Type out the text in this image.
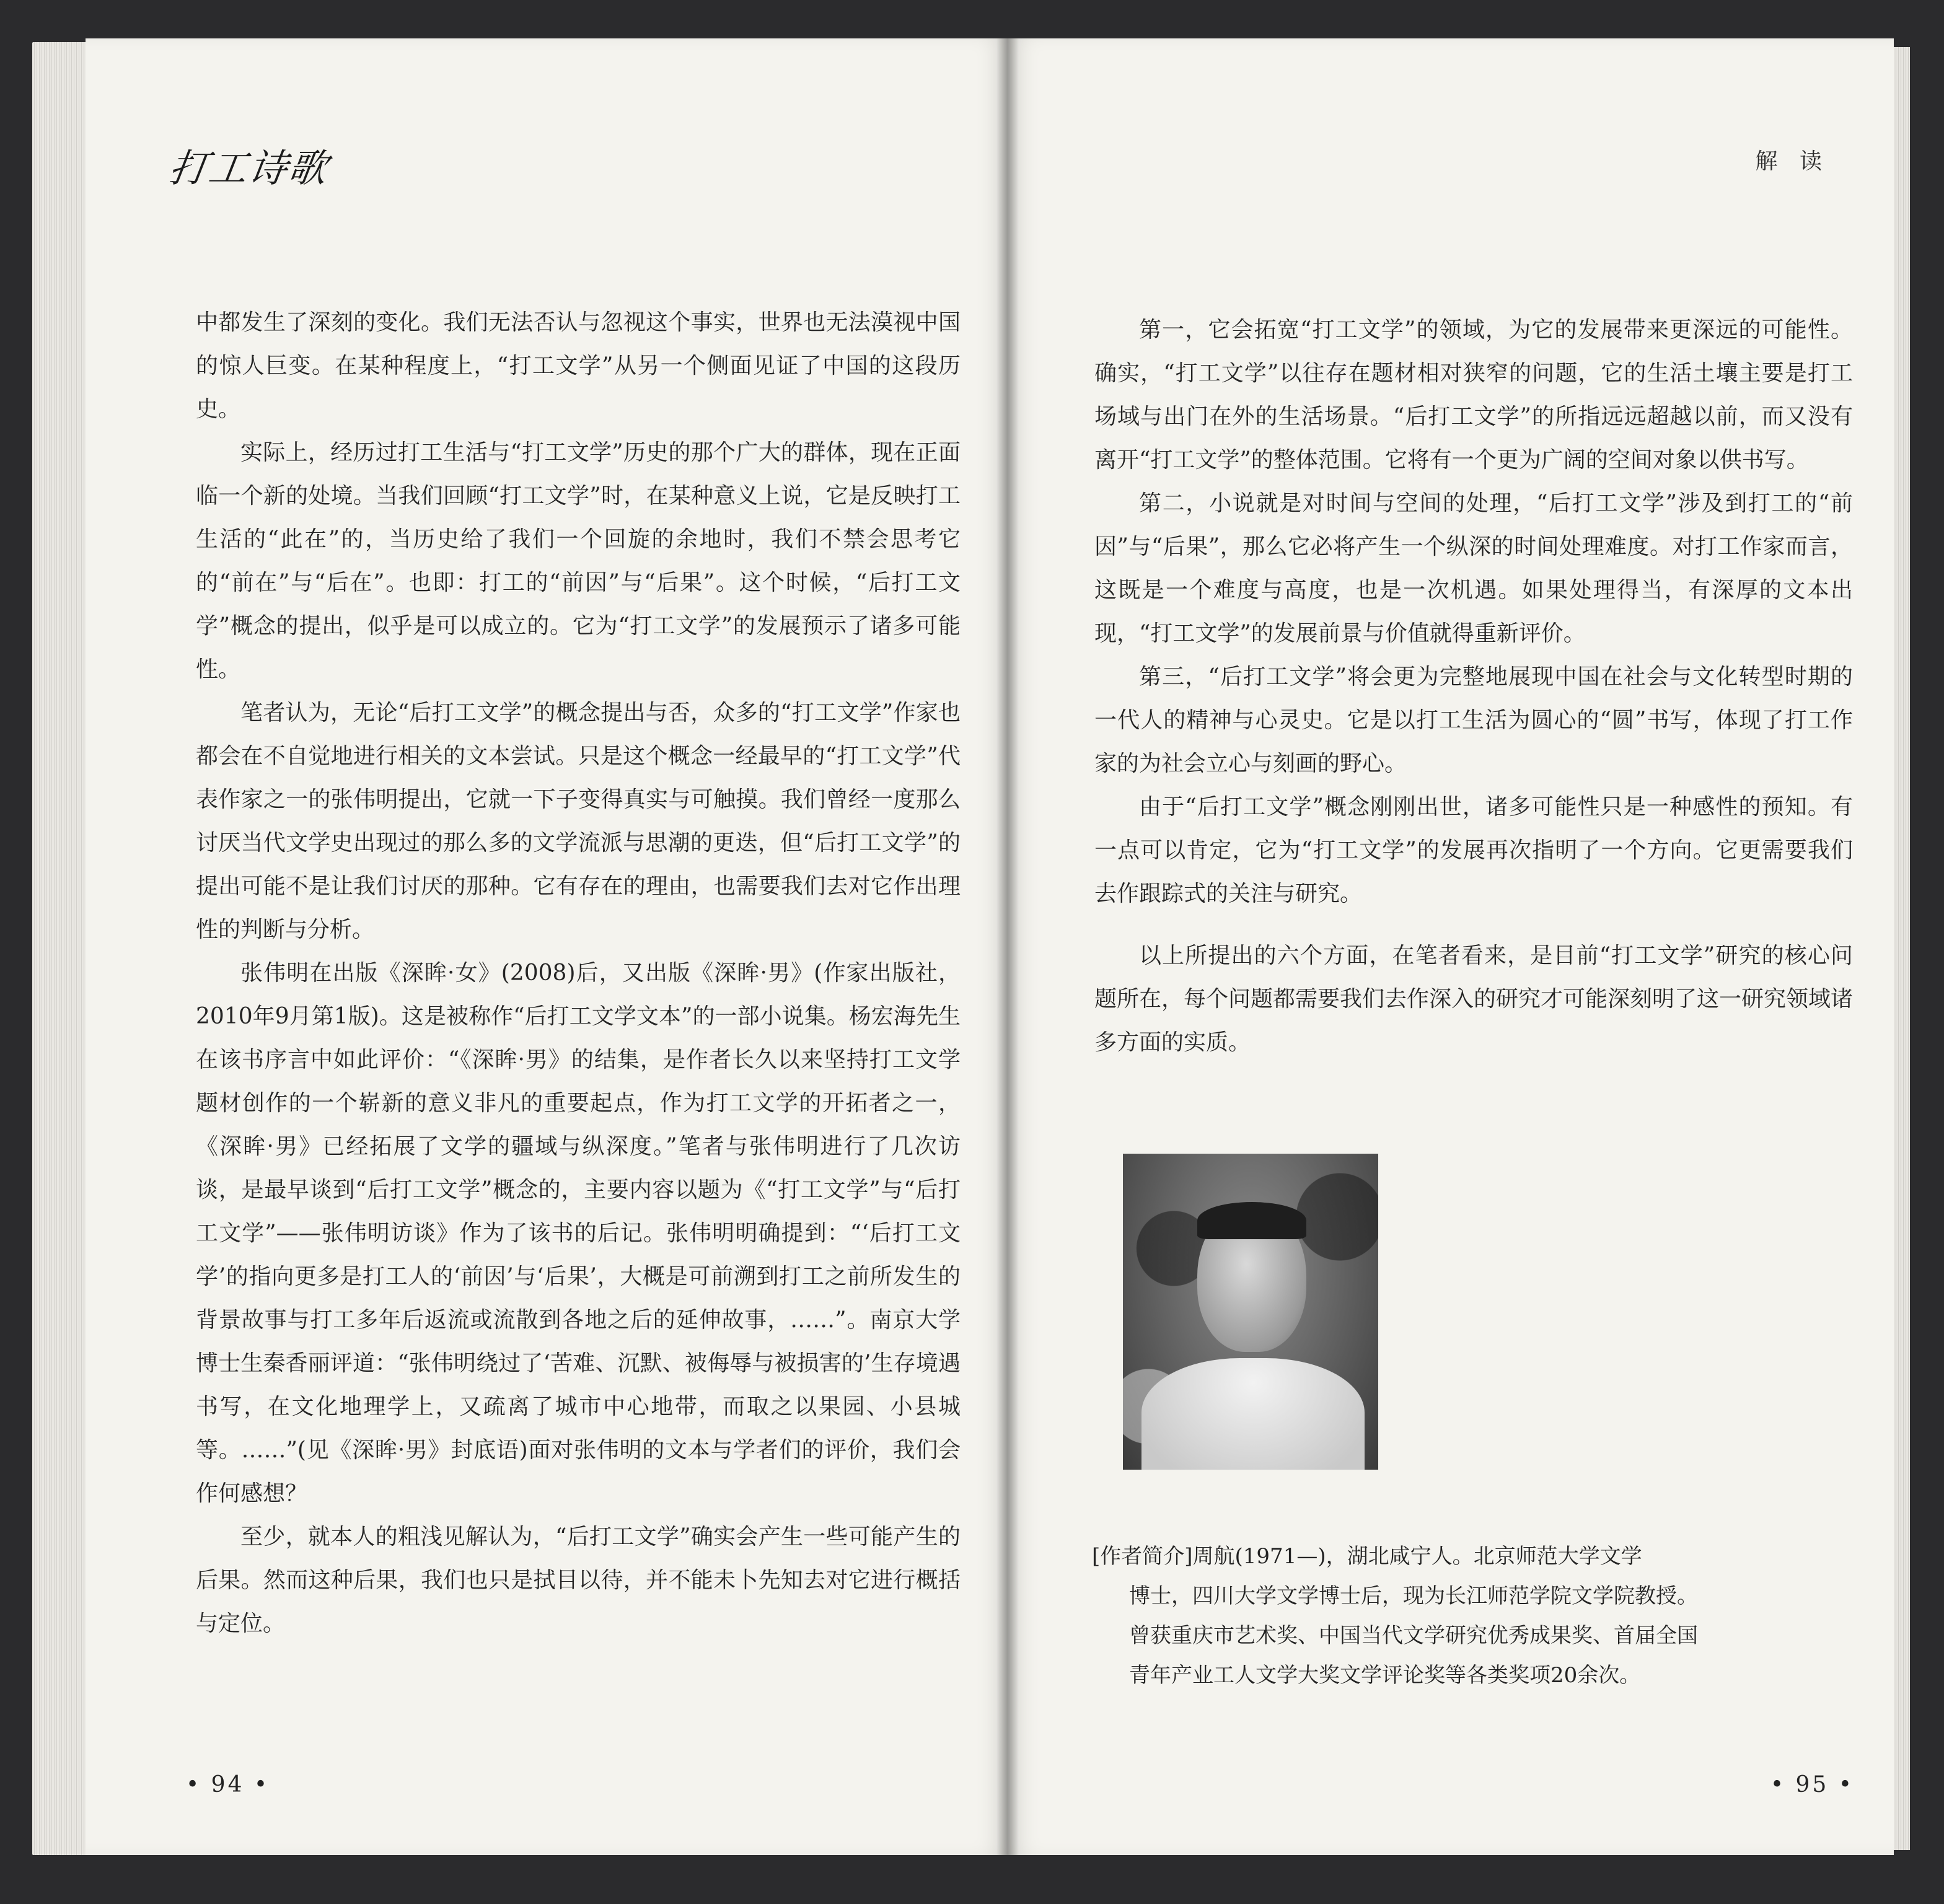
打工诗歌

中都发生了深刻的变化。我们无法否认与忽视这个事实，世界也无法漠视中国的惊人巨变。在某种程度上，“打工文学”从另一个侧面见证了中国的这段历史。

实际上，经历过打工生活与“打工文学”历史的那个广大的群体，现在正面临一个新的处境。当我们回顾“打工文学”时，在某种意义上说，它是反映打工生活的“此在”的，当历史给了我们一个回旋的余地时，我们不禁会思考它的“前在”与“后在”。也即：打工的“前因”与“后果”。这个时候，“后打工文学”概念的提出，似乎是可以成立的。它为“打工文学”的发展预示了诸多可能性。

笔者认为，无论“后打工文学”的概念提出与否，众多的“打工文学”作家也都会在不自觉地进行相关的文本尝试。只是这个概念一经最早的“打工文学”代表作家之一的张伟明提出，它就一下子变得真实与可触摸。我们曾经一度那么讨厌当代文学史出现过的那么多的文学流派与思潮的更迭，但“后打工文学”的提出可能不是让我们讨厌的那种。它有存在的理由，也需要我们去对它作出理性的判断与分析。

张伟明在出版《深眸·女》(2008)后，又出版《深眸·男》(作家出版社，2010年9月第1版)。这是被称作“后打工文学文本”的一部小说集。杨宏海先生在该书序言中如此评价：“《深眸·男》的结集，是作者长久以来坚持打工文学题材创作的一个崭新的意义非凡的重要起点，作为打工文学的开拓者之一，《深眸·男》已经拓展了文学的疆域与纵深度。”笔者与张伟明进行了几次访谈，是最早谈到“后打工文学”概念的，主要内容以题为《“打工文学”与“后打工文学”——张伟明访谈》作为了该书的后记。张伟明明确提到：“‘后打工文学’的指向更多是打工人的‘前因’与‘后果’，大概是可前溯到打工之前所发生的背景故事与打工多年后返流或流散到各地之后的延伸故事，……”。南京大学博士生秦香丽评道：“张伟明绕过了‘苦难、沉默、被侮辱与被损害的’生存境遇书写，在文化地理学上，又疏离了城市中心地带，而取之以果园、小县城等。……”(见《深眸·男》封底语)面对张伟明的文本与学者们的评价，我们会作何感想？

至少，就本人的粗浅见解认为，“后打工文学”确实会产生一些可能产生的后果。然而这种后果，我们也只是拭目以待，并不能未卜先知去对它进行概括与定位。

• 94 •
解 读

第一，它会拓宽“打工文学”的领域，为它的发展带来更深远的可能性。确实，“打工文学”以往存在题材相对狭窄的问题，它的生活土壤主要是打工场域与出门在外的生活场景。“后打工文学”的所指远远超越以前，而又没有离开“打工文学”的整体范围。它将有一个更为广阔的空间对象以供书写。

第二，小说就是对时间与空间的处理，“后打工文学”涉及到打工的“前因”与“后果”，那么它必将产生一个纵深的时间处理难度。对打工作家而言，这既是一个难度与高度，也是一次机遇。如果处理得当，有深厚的文本出现，“打工文学”的发展前景与价值就得重新评价。

第三，“后打工文学”将会更为完整地展现中国在社会与文化转型时期的一代人的精神与心灵史。它是以打工生活为圆心的“圆”书写，体现了打工作家的为社会立心与刻画的野心。

由于“后打工文学”概念刚刚出世，诸多可能性只是一种感性的预知。有一点可以肯定，它为“打工文学”的发展再次指明了一个方向。它更需要我们去作跟踪式的关注与研究。

以上所提出的六个方面，在笔者看来，是目前“打工文学”研究的核心问题所在，每个问题都需要我们去作深入的研究才可能深刻明了这一研究领域诸多方面的实质。

[作者简介]周航(1971—)，湖北咸宁人。北京师范大学文学

博士，四川大学文学博士后，现为长江师范学院文学院教授。

曾获重庆市艺术奖、中国当代文学研究优秀成果奖、首届全国

青年产业工人文学大奖文学评论奖等各类奖项20余次。

• 95 •
